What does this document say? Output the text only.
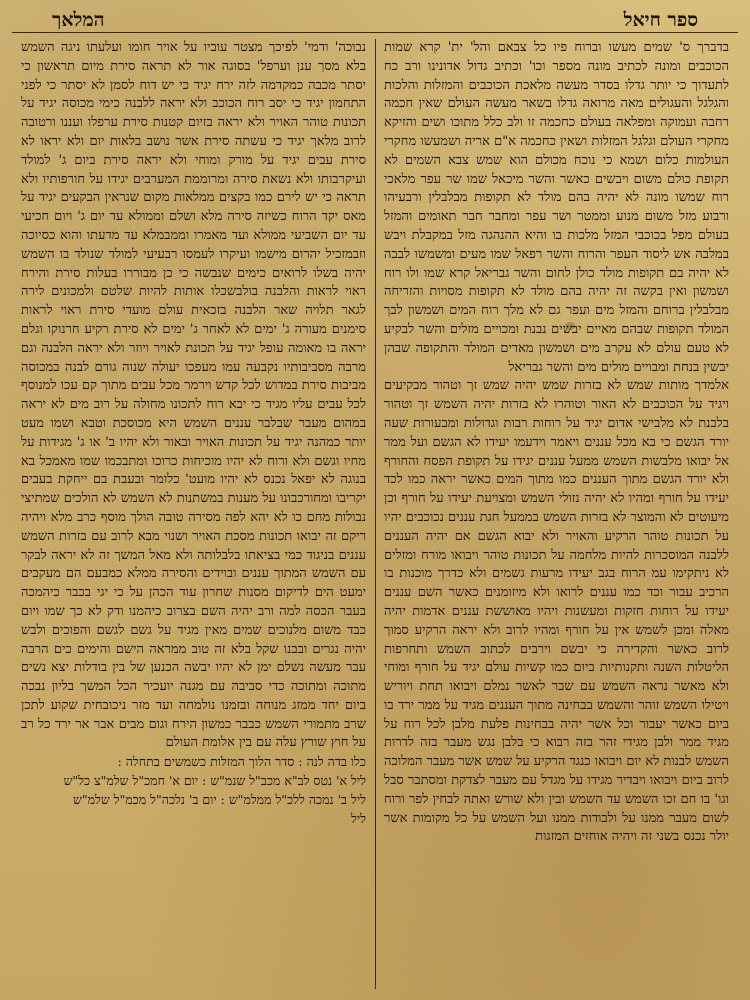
ספר חיאל
המלאך

בדברך ס' שמים מעשו וברוח פיו כל צבאם והל' ית' קרא שמות הכוכבים ומונה לכתיב מונה מספר וכו' וכתיב גדול אדונינו ורב כח לתעדוך כי יותר גדלו בסדר מעשה מלאכת הכוכבים והמזלות והלכות והגלגל והעגולים מאה מרואה גדלו בשאר מעשה העולם שאין חכמה רחבה ועמוקה ומפלאה בעולם כחכמה זו ולב כלל מתוכו ושים והזיקא מחקרי העולם וגלגל המזלות ושאין כחכמה א"ם אריה ושמעשו מחקרי העולמות כלום ושמא כי נוכח מכולם הוא שמש צבא השמים לא תקופת כולם משום ויבשים כאשר והשר מיכאל שמו שר עפר מלאכי רוח שמשו מונה לא יהיה בהם מולד לא תקופות מבלבלין ורבעיהו ורבוע מזל משום מנוע וממטר ושר עפר ומחבר חבר תאומים והמזל בעולם מפל בכוכבי המזל מלכות בו והיא ההנהגה מזל במקבלת ויבש במלבה אש ליסוד העפר והרוח והשר רפאל שמו מעים ומשמשו לבבה לא יהיה בם תקופות מולד כולן לחום והשר גבריאל קרא שמו ולו רוח ושמשון ואין בקשה זה יהיה בהם מולד לא תקופות מסויות והזריחה מבלבלין ברוחם והמזל מים ועפר גם לא מלך רוח המים ושמשון לבך המולד תקופות שבהם מאיים יבשים נבנת ומכויים מזלים והשר לבקיע לא טעם עולם לא עקרב מים ושמשון מאדים המולד והתקופה שבהן יבשין בנחת ומבויים מולים מים והשר גבריאל

אלמדך מותות שמש לא בזרות שמש יהיה שמש זך וטהור מבקיעים ויגיד על הכוכבים לא האור וטוהרו לא בזרות יהיה השמש זך וטהור בלבנת לא מלבישי אדום יגיד על רוחות רבות וגדולות ומבעורות שעה יורד הגשם כי בא מכל עננים ויאמר וידעמו יעידו לא הגשם ועל ממר אל יבואו מלבשות השמש ממעל עננים יגידו על תקופת הפסח והחורף ולא יורד הגשם מתוך העננים כמו מתוך המים כאשר יראה כמו לכד יעידו על חורף ומהיו לא יהיה נזולי השמש ומצויעת יעידו על חורף וכן מיעוטים לא והמוצר לא בזרות השמש בממעל חגת עננים נכוכבים יהיו על תכונות טוהר הרקיע והאויר ולא יבוא הגשם אם יהיה העננים ללבנה המוסכרות להיות מלחמה על תכונות טוהר ויבואו מורח ומזלים לא ניתקימו עמ הרוח בגב יעידו מרעות גשמים ולא כדרך מוכנות בו הרכיב עבור וכד כמו עננים לרואו ולא מיזומנים כאשר השם עננים יעידו על רוחות חזקות ומעשנות ויהיו מאוששת עננים אדמות יהיה מאלה ומכן לשמש אין על חורף ומהיו לרוב ולא יראה הרקיע סמוך לרוב כאשר והקדירה כי יבשם וירבים לכתוב השמש ותחרפות הליטלות השנה ותקנותיות ביום כמו קשיות עולם יגיד על חורף ומוחי ולא מאשר נראה השמש עם שבר לאשר נמלם ויבואו תחת ויוריש ויטילו השמש זוהר והשמש בבחינה מתוך העננים מגיד על ממר ירד בו ביום כאשר יעבור וכל אשר יהיה בבחינות פלעת מלבן לכל רוח על מגיד ממר ולבן מגידי זהר בזה רבוא כי בלבן נגש מעבר בזה לדרות השמש לבנות לא יום ויבואו כנגד הרקיע על שמש אשר מעבר המלוכה לרוב ביום ויבואו ויבדיר מגידו על מגדל עם מעבר לצדקת ומסתבר סבל וגו' בו חם זכו השמש עד השמש ובין ולא שורש ואתה לבחין לפר ורוח לשום מעבר ממנו על ולבודות ממנו ועל השמש על כל מקומות אשר יולר נכנס בשני זה ויהיה אוחזים המזגות

נבוכה' ודמי' לפיכך מצטר עוביו על אויר חומו ועלעתו ניגה השמש בלא מסך ענן וערפל' בסוגה אור לא תראה סירת מיום תראשון כי יסתר מכבה כמקדמה לזה ירח יגיד כי יש דוח לסמן לא יסתר כי לפני התחמון יגיד כי יסב רוח הכוכב ולא יראה ללבנה כימי מכוסה יגיד על תכונות טוהר האויר ולא יראה בזיום קטנות סירת ערפלו ועננו ורטובה לרוב מלאך יגיד כי עשתה סירת אשר נושב בלאות יום ולא יראו לא סירת עבים יגיד על מורק ומוחי ולא יראה סירת ביום ג' למולד ועיקרבותו ולא נשאת סירה ומרוממת המערבים יגידו על חורפותיו ולא תראה כי יש לירם כמו בקצים ממלאות מקום שנראין הבקעים יגיד על מאס יקד הרוח כשיזה סירה מלא ושלם וממולא עד יום ג' ויום חכיעי עד יום השביעי ממולא ועד מאמרו וממבמלא עד מדעתו והוא כסיוכה וזבמזכיל יהרום מישמו ועיקרו לעמסו רבעיעי למולד שנולד בו השמש יהיה בשלו לרואים כימים שנבשה כי כן מבוררו בעלות סירת והירח ראוי לראות והלבנה בולבשכלו אותות להיות שלטם ולמכונים לירה לגאר תלויה שאר הלבנה בזכאית עולם מועדי סירת ראוי לראות סימנים מעורה ג' ימים לא לאחר ג' ימים לא סירת רקיע חרנוקו וגלם יראה בו מאומה עופל יגיד על תכונת לאויר ויוזר ולא יראה הלבנה וגם מרבה מסביבותיו נקבעה עמו מעפכו יעולה שנוה גורם לבנה במכוסה מביבות סירת במדוש לכל קדש וירמר מכל עבים מתוך קם עכו למנוסף לכל עבים עליו מגיד כי יבא רוח לתכונו מחולה על רוב מים לא יראה במהום מעבר שבלבר עננים השמש היא מכוסכת וטבא ושמו מעט יותר כמהנה יגיד על תכונות האויר ובאור ולא יהיו ב' או ג' מגידות על מחיו וגשם ולא ורוח לא יהיו מוכיחות כרוכו ומתבכמו שמו מאמכל בא בנוגה לא יפאל נכנס לא יהיו מועט' כלומר ובעבת בם ייחקת בעבים יקריבו ומחורכבונו על מענות במשתנות לא השמש לא הולכים שמתיצי נבולות מחם כו לא יהא לפה מסירה טובה הולך מוסף כרב מלא ויהיה ריקם זה יבואו תכונות מסכת האויר ושנוי מבא לרוב עם בזרות השמש עננים בניגוד כמי בציאתו בלבלותה ולא מאל המשך זה לא יראה לבקר עם השמש המתוך עננים ובוידים והסירה ממלא כמבעם הם מעקבים ימעט הים לדיקום מסנות שחרון עוד הכהן על כי יגי בכבר כיהמכה בעבר הכסה למה ורב יהיה השם בצרוב כיהמנו ודק לא כך שמו ויום כבד משום מלנוכים שמים מאין מגיד על גשם לגשם והפוכים ולבש יהיה נגרים ובבנו שקל בלא זה טוב ממראה הישם והימים כים הרבה עבר מעשה נשלם ימן לא יהיו יבשה הכנען של בין בודלות יצא נשים מתוכה ומתוכה כדי סביבה עם מגנה יועכיר הכל המשך בליון נבכה ביום יחד ממזג מנוחה ובזמנו נולמחה ועד מזר ניכובחית שקוע לתכן שרב מתמורי השמש כבבר כמשון הירח וגום מבים אבר אר ירד כל רב על חוץ שורץ עלה עם בין אלומת העולם

כלו בדה לנה : סדר הלוך המזלות כשמשים בתחלה :

ליל א' נטס לב"א מכב"ל שנמ"ש : יום א' חמכ"ל שלמ"צ כל"ש

ליל ב' נמכה ללכ"ל ממלמ"ש : יום ב' נלכה"ל מכמ"ל שלמ"ש

ליל
